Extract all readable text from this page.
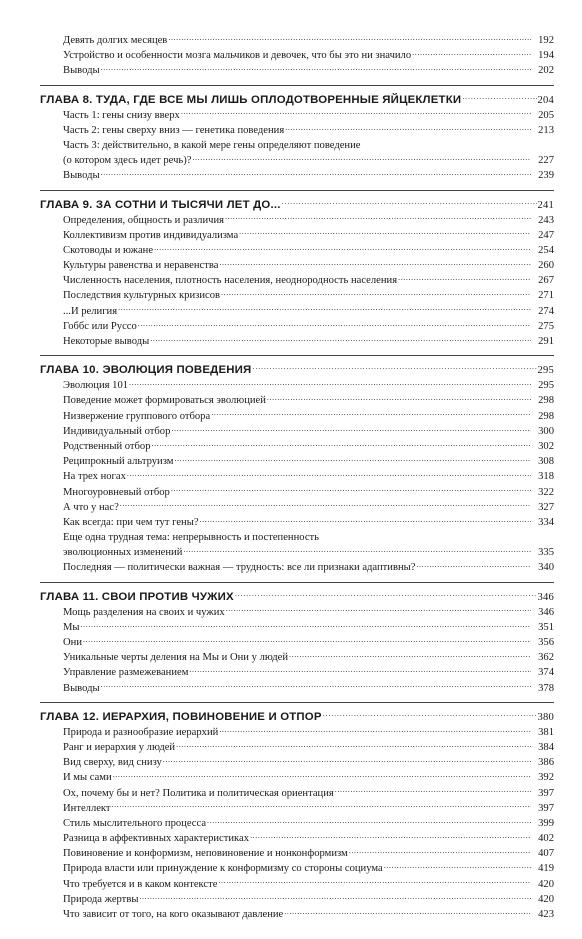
Девять долгих месяцев .....	192
Устройство и особенности мозга мальчиков и девочек, что бы это ни значило .....	194
Выводы .....	202
ГЛАВА 8. ТУДА, ГДЕ ВСЕ МЫ ЛИШЬ ОПЛОДОТВОРЕННЫЕ ЯЙЦЕКЛЕТКИ .....	204
Часть 1: гены снизу вверх .....	205
Часть 2: гены сверху вниз — генетика поведения .....	213
Часть 3: действительно, в какой мере гены определяют поведение
(о котором здесь идет речь)? .....	227
Выводы .....	239
ГЛАВА 9. ЗА СОТНИ И ТЫСЯЧИ ЛЕТ ДО... .....	241
Определения, общность и различия .....	243
Коллективизм против индивидуализма .....	247
Скотоводы и южане .....	254
Культуры равенства и неравенства .....	260
Численность населения, плотность населения, неоднородность населения .....	267
Последствия культурных кризисов .....	271
...И религия .....	274
Гоббс или Руссо .....	275
Некоторые выводы .....	291
ГЛАВА 10. ЭВОЛЮЦИЯ ПОВЕДЕНИЯ .....	295
Эволюция 101 .....	295
Поведение может формироваться эволюцией .....	298
Низвержение группового отбора .....	298
Индивидуальный отбор .....	300
Родственный отбор .....	302
Реципрокный альтруизм .....	308
На трех ногах .....	318
Многоуровневый отбор .....	322
А что у нас? .....	327
Как всегда: при чем тут гены? .....	334
Еще одна трудная тема: непрерывность и постепенность
эволюционных изменений .....	335
Последняя — политически важная — трудность: все ли признаки адаптивны? .....	340
ГЛАВА 11. СВОИ ПРОТИВ ЧУЖИХ .....	346
Мощь разделения на своих и чужих .....	346
Мы .....	351
Они .....	356
Уникальные черты деления на Мы и Они у людей .....	362
Управление размежеванием .....	374
Выводы .....	378
ГЛАВА 12. ИЕРАРХИЯ, ПОВИНОВЕНИЕ И ОТПОР .....	380
Природа и разнообразие иерархий .....	381
Ранг и иерархия у людей .....	384
Вид сверху, вид снизу .....	386
И мы сами .....	392
Ох, почему бы и нет? Политика и политическая ориентация .....	397
Интеллект .....	397
Стиль мыслительного процесса .....	399
Разница в аффективных характеристиках .....	402
Повиновение и конформизм, неповиновение и нонконформизм .....	407
Природа власти или принуждение к конформизму со стороны социума .....	419
Что требуется и в каком контексте .....	420
Природа жертвы .....	420
Что зависит от того, на кого оказывают давление .....	423
